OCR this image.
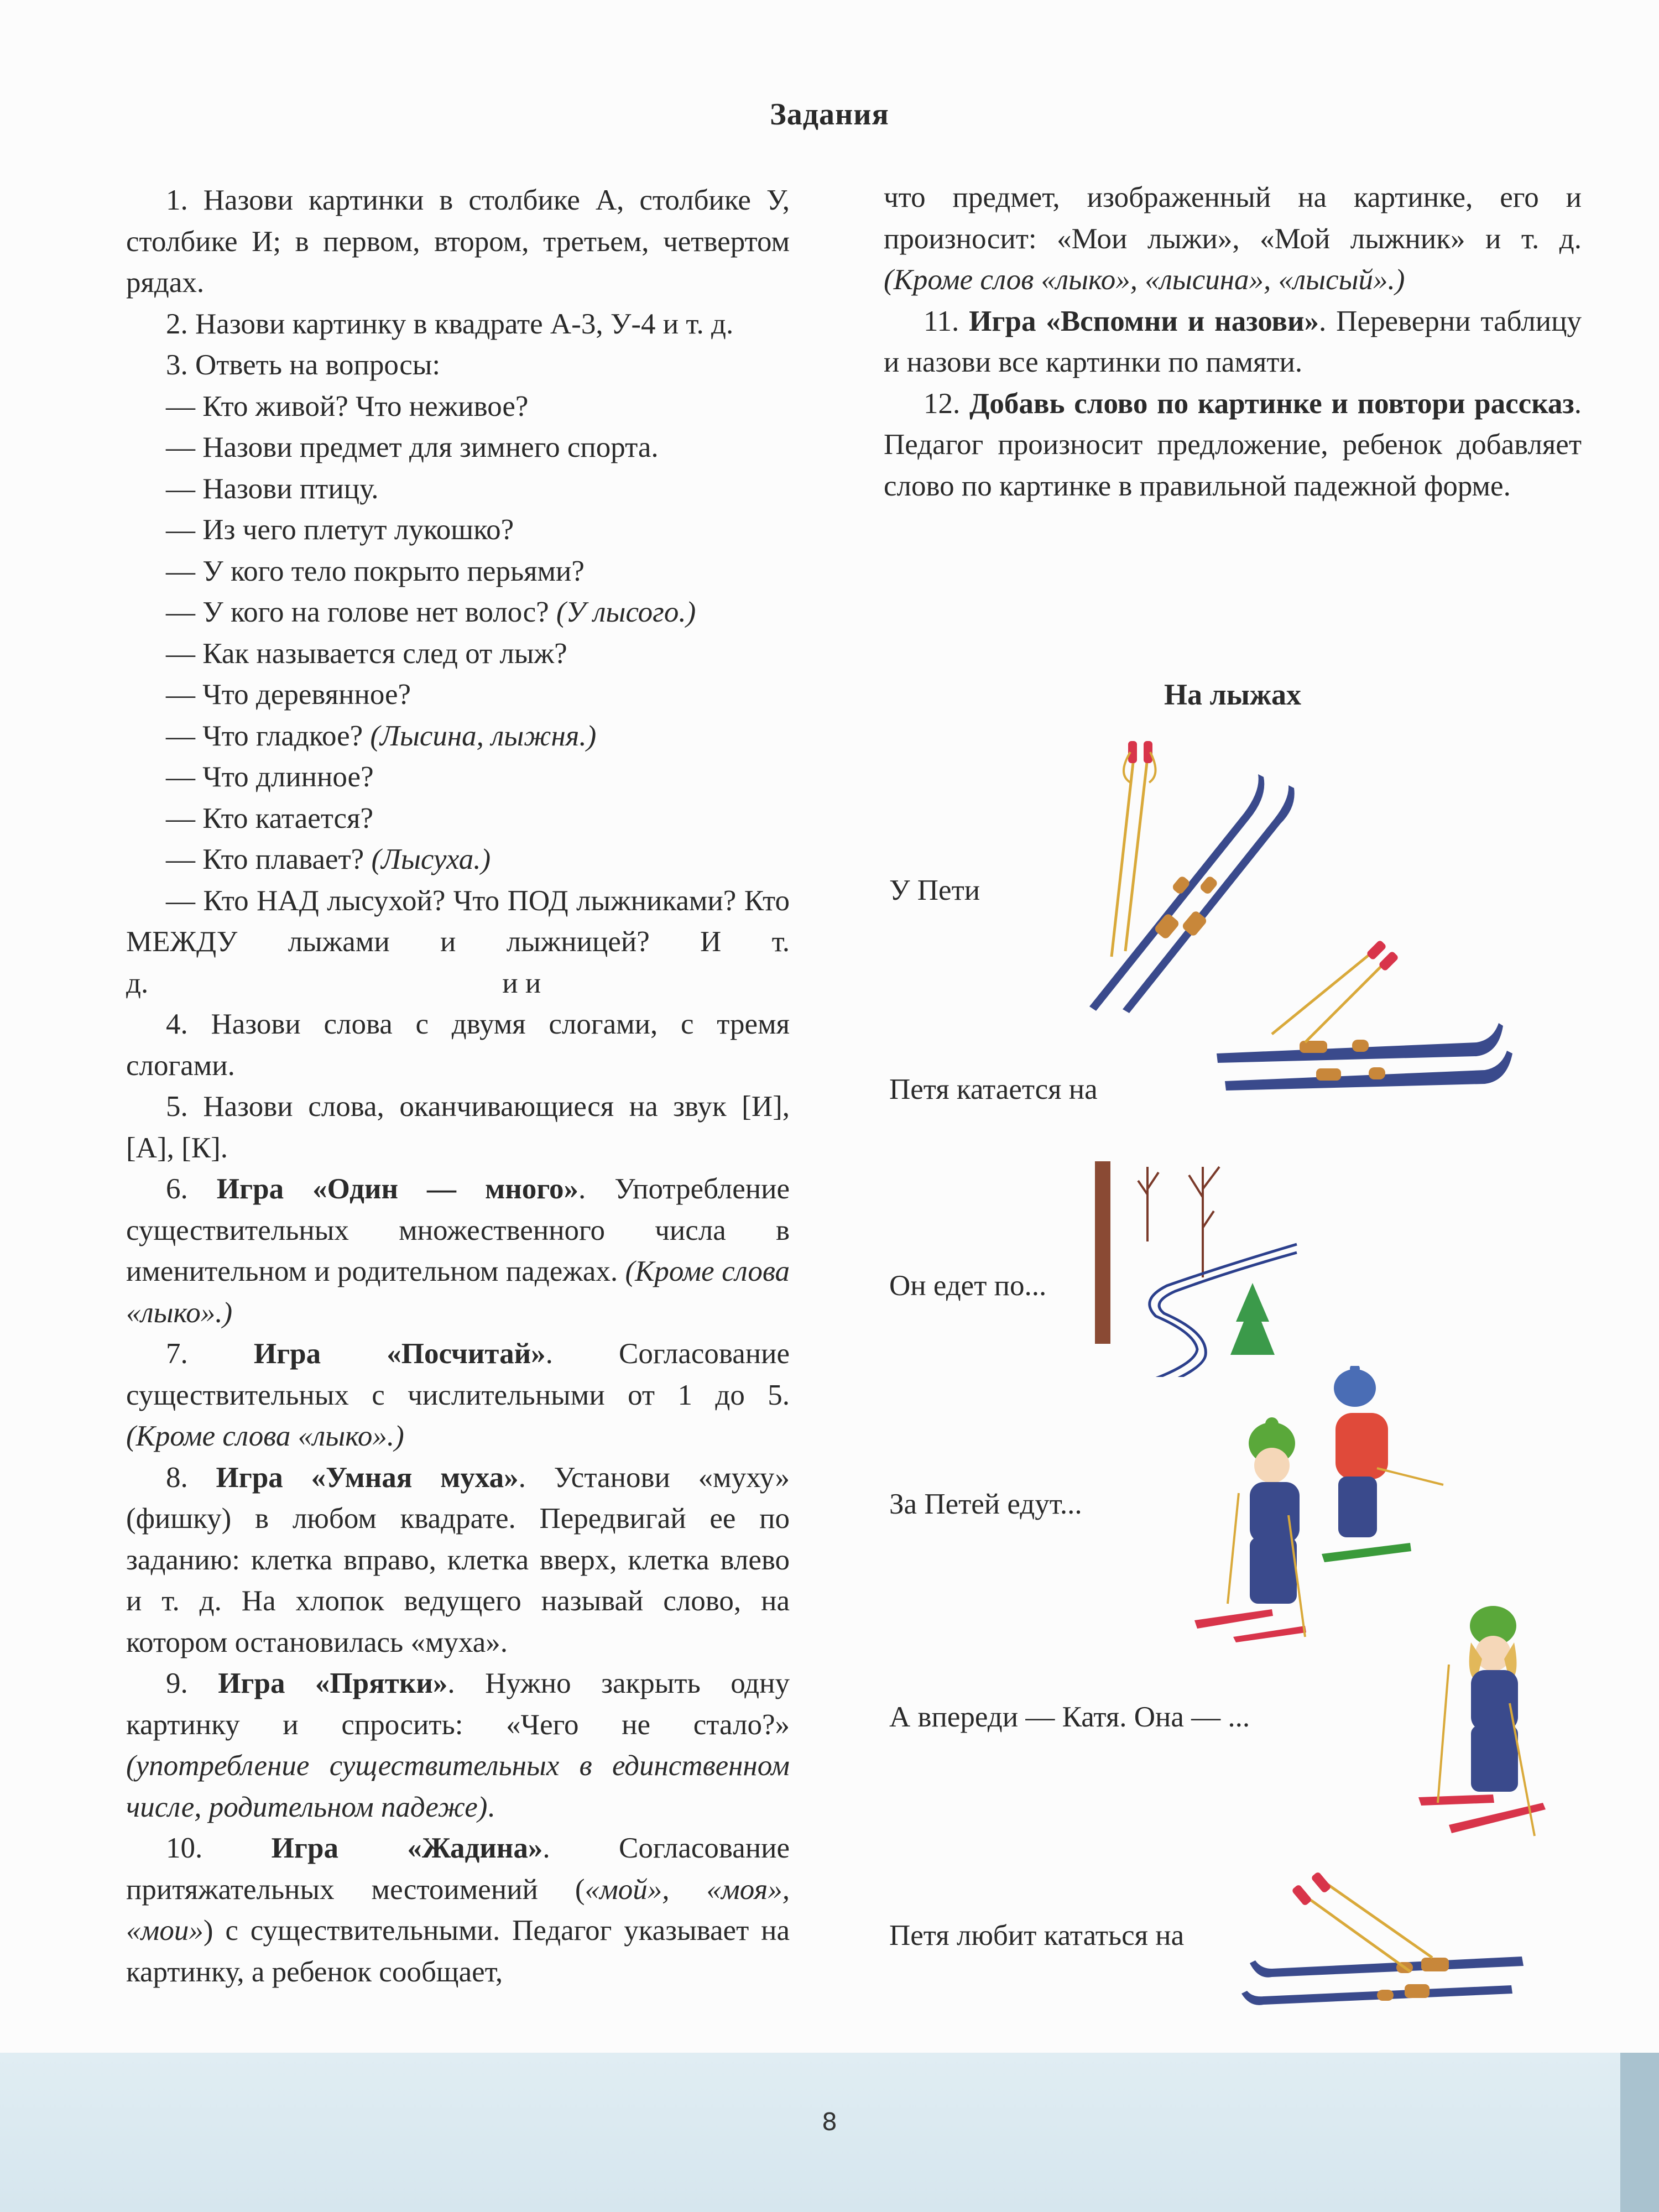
Задания

1. Назови картинки в столбике А, столбике У, столбике И; в первом, втором, третьем, четвертом рядах.

2. Назови картинку в квадрате А-3, У-4 и т. д.

3. Ответь на вопросы:

— Кто живой? Что неживое?

— Назови предмет для зимнего спорта.

— Назови птицу.

— Из чего плетут лукошко?

— У кого тело покрыто перьями?

— У кого на голове нет волос? (У лысого.)

— Как называется след от лыж?

— Что деревянное?

— Что гладкое? (Лысина, лыжня.)

— Что длинное?

— Кто катается?

— Кто плавает? (Лысуха.)

— Кто НАД лысухой? Что ПОД лыжниками? Кто МЕЖДУ лыжами и лыжницей? И т. д.	и и

4. Назови слова с двумя слогами, с тремя слогами.

5. Назови слова, оканчивающиеся на звук [И], [А], [К].

6. Игра «Один — много». Употребление существительных множественного числа в именительном и родительном падежах. (Кроме слова «лыко».)

7. Игра «Посчитай». Согласование существительных с числительными от 1 до 5. (Кроме слова «лыко».)

8. Игра «Умная муха». Установи «муху» (фишку) в любом квадрате. Передвигай ее по заданию: клетка вправо, клетка вверх, клетка влево и т. д. На хлопок ведущего называй слово, на котором остановилась «муха».

9. Игра «Прятки». Нужно закрыть одну картинку и спросить: «Чего не стало?» (употребление существительных в единственном числе, родительном падеже).

10. Игра «Жадина». Согласование притяжательных местоимений («мой», «моя», «мои») с существительными. Педагог указывает на картинку, а ребенок сообщает,

что предмет, изображенный на картинке, его и произносит: «Мои лыжи», «Мой лыжник» и т. д. (Кроме слов «лыко», «лысина», «лысый».)

11. Игра «Вспомни и назови». Переверни таблицу и назови все картинки по памяти.

12. Добавь слово по картинке и повтори рассказ. Педагог произносит предложение, ребенок добавляет слово по картинке в правильной падежной форме.

На лыжах
У Пети
Петя катается на
Он едет по...
За Петей едут...
А впереди — Катя. Она — ...
Петя любит кататься на
8
